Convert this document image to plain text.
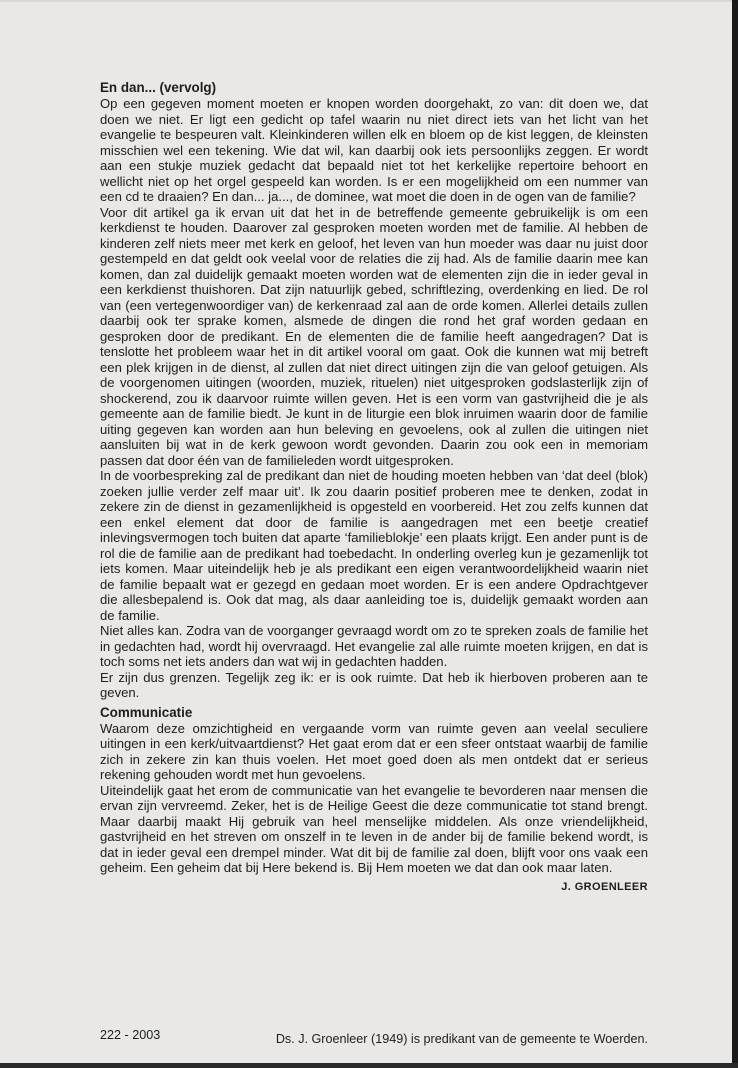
En dan... (vervolg)

Op een gegeven moment moeten er knopen worden doorgehakt, zo van: dit doen we, dat doen we niet. Er ligt een gedicht op tafel waarin nu niet direct iets van het licht van het evangelie te bespeuren valt. Kleinkinderen willen elk en bloem op de kist leggen, de kleinsten misschien wel een tekening. Wie dat wil, kan daarbij ook iets persoonlijks zeggen. Er wordt aan een stukje muziek gedacht dat bepaald niet tot het kerkelijke repertoire behoort en wellicht niet op het orgel gespeeld kan worden. Is er een mogelijkheid om een nummer van een cd te draaien? En dan... ja..., de dominee, wat moet die doen in de ogen van de familie?

Voor dit artikel ga ik ervan uit dat het in de betreffende gemeente gebruikelijk is om een kerkdienst te houden. Daarover zal gesproken moeten worden met de familie. Al hebben de kinderen zelf niets meer met kerk en geloof, het leven van hun moeder was daar nu juist door gestempeld en dat geldt ook veelal voor de relaties die zij had. Als de familie daarin mee kan komen, dan zal duidelijk gemaakt moeten worden wat de elementen zijn die in ieder geval in een kerkdienst thuishoren. Dat zijn natuurlijk gebed, schriftlezing, overdenking en lied. De rol van (een vertegenwoordiger van) de kerkenraad zal aan de orde komen. Allerlei details zullen daarbij ook ter sprake komen, alsmede de dingen die rond het graf worden gedaan en gesproken door de predikant. En de elementen die de familie heeft aangedragen? Dat is tenslotte het probleem waar het in dit artikel vooral om gaat. Ook die kunnen wat mij betreft een plek krijgen in de dienst, al zullen dat niet direct uitingen zijn die van geloof getuigen. Als de voorgenomen uitingen (woorden, muziek, rituelen) niet uitgesproken godslasterlijk zijn of shockerend, zou ik daarvoor ruimte willen geven. Het is een vorm van gastvrijheid die je als gemeente aan de familie biedt. Je kunt in de liturgie een blok inruimen waarin door de familie uiting gegeven kan worden aan hun beleving en gevoelens, ook al zullen die uitingen niet aansluiten bij wat in de kerk gewoon wordt gevonden. Daarin zou ook een in memoriam passen dat door één van de familieleden wordt uitgesproken.

In de voorbespreking zal de predikant dan niet de houding moeten hebben van ‘dat deel (blok) zoeken jullie verder zelf maar uit’. Ik zou daarin positief proberen mee te denken, zodat in zekere zin de dienst in gezamenlijkheid is opgesteld en voorbereid. Het zou zelfs kunnen dat een enkel element dat door de familie is aangedragen met een beetje creatief inlevingsvermogen toch buiten dat aparte ‘familieblokje’ een plaats krijgt. Een ander punt is de rol die de familie aan de predikant had toebedacht. In onderling overleg kun je gezamenlijk tot iets komen. Maar uiteindelijk heb je als predikant een eigen verantwoordelijkheid waarin niet de familie bepaalt wat er gezegd en gedaan moet worden. Er is een andere Opdrachtgever die allesbepalend is. Ook dat mag, als daar aanleiding toe is, duidelijk gemaakt worden aan de familie.

Niet alles kan. Zodra van de voorganger gevraagd wordt om zo te spreken zoals de familie het in gedachten had, wordt hij overvraagd. Het evangelie zal alle ruimte moeten krijgen, en dat is toch soms net iets anders dan wat wij in gedachten hadden.

Er zijn dus grenzen. Tegelijk zeg ik: er is ook ruimte. Dat heb ik hierboven proberen aan te geven.

Communicatie

Waarom deze omzichtigheid en vergaande vorm van ruimte geven aan veelal seculiere uitingen in een kerk/uitvaartdienst? Het gaat erom dat er een sfeer ontstaat waarbij de familie zich in zekere zin kan thuis voelen. Het moet goed doen als men ontdekt dat er serieus rekening gehouden wordt met hun gevoelens.

Uiteindelijk gaat het erom de communicatie van het evangelie te bevorderen naar mensen die ervan zijn vervreemd. Zeker, het is de Heilige Geest die deze communicatie tot stand brengt. Maar daarbij maakt Hij gebruik van heel menselijke middelen. Als onze vriendelijkheid, gastvrijheid en het streven om onszelf in te leven in de ander bij de familie bekend wordt, is dat in ieder geval een drempel minder. Wat dit bij de familie zal doen, blijft voor ons vaak een geheim. Een geheim dat bij Here bekend is. Bij Hem moeten we dat dan ook maar laten.

J. GROENLEER
222 - 2003	Ds. J. Groenleer (1949) is predikant van de gemeente te Woerden.
